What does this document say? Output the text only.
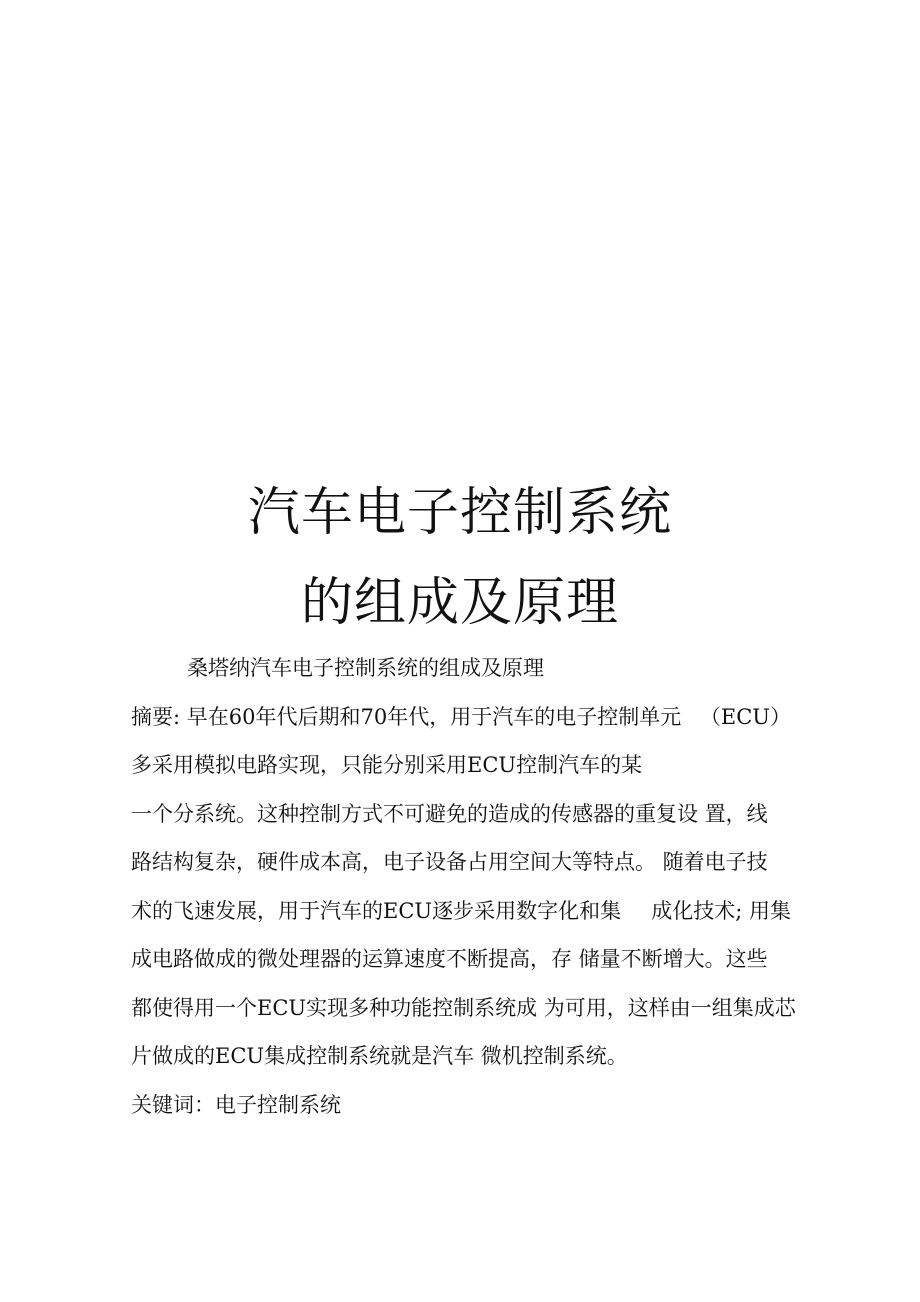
汽车电子控制系统
的组成及原理
桑塔纳汽车电子控制系统的组成及原理
摘要: 早在60年代后期和70年代，用于汽车的电子控制单元 （ECU）
多采用模拟电路实现，只能分别采用ECU控制汽车的某
一个分系统。这种控制方式不可避免的造成的传感器的重复设 置，线
路结构复杂，硬件成本高，电子设备占用空间大等特点。 随着电子技
术的飞速发展，用于汽车的ECU逐步采用数字化和集 成化技术; 用集
成电路做成的微处理器的运算速度不断提高，存 储量不断增大。这些
都使得用一个ECU实现多种功能控制系统成 为可用，这样由一组集成芯
片做成的ECU集成控制系统就是汽车 微机控制系统。
关键词：电子控制系统
